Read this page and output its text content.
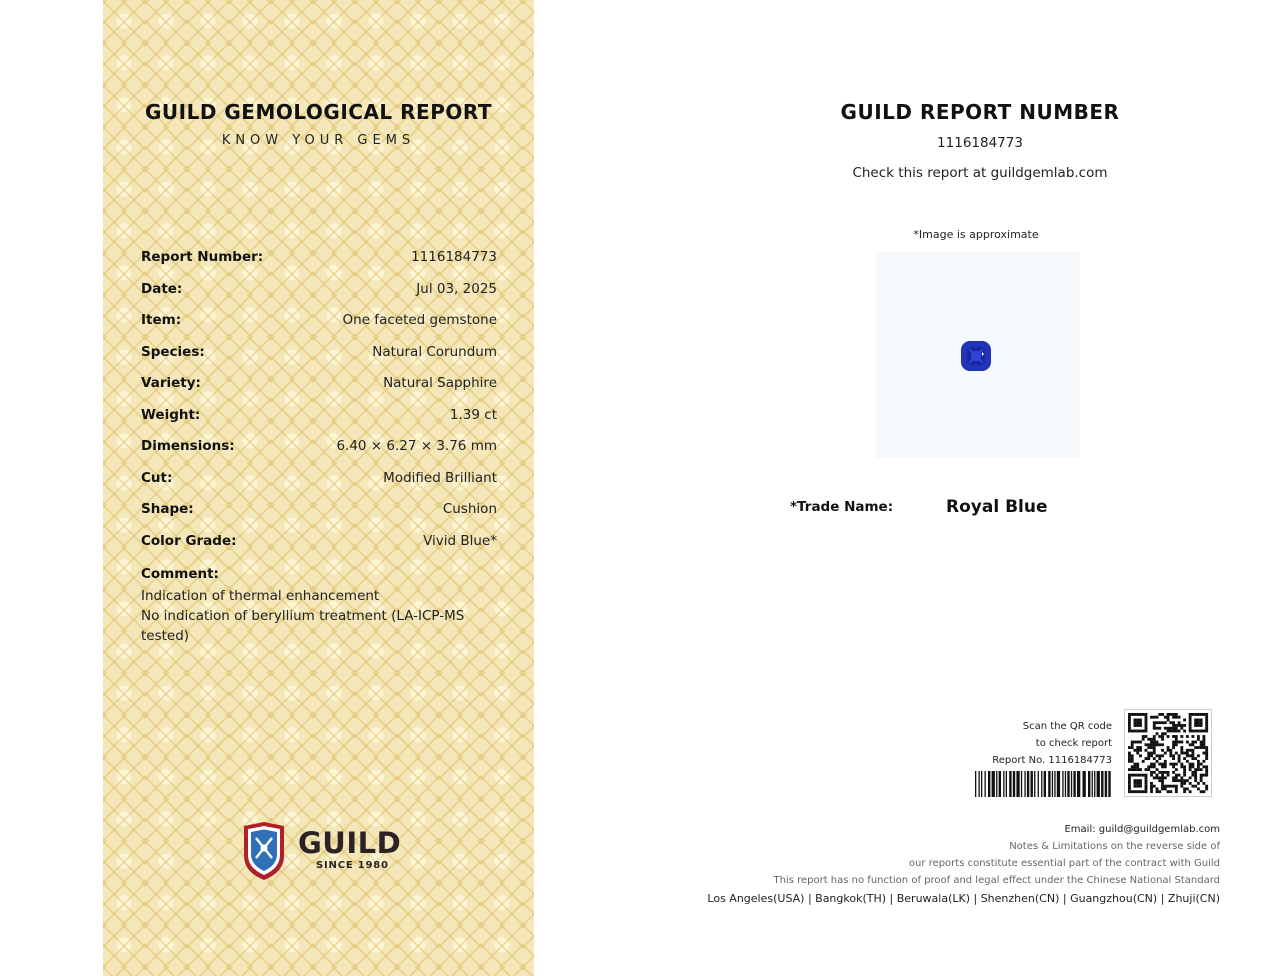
GUILD GEMOLOGICAL REPORT
KNOW YOUR GEMS
Report Number:	1116184773
Date:	Jul 03, 2025
Item:	One faceted gemstone
Species:	Natural Corundum
Variety:	Natural Sapphire
Weight:	1.39 ct
Dimensions:	6.40 × 6.27 × 3.76 mm
Cut:	Modified Brilliant
Shape:	Cushion
Color Grade:	Vivid Blue*
Comment:
Indication of thermal enhancement
No indication of beryllium treatment (LA-ICP-MS
tested)
GUILD
SINCE 1980
GUILD REPORT NUMBER
1116184773
Check this report at guildgemlab.com
*Image is approximate
*Trade Name:	Royal Blue
Scan the QR code
to check report
Report No. 1116184773
Email: guild@guildgemlab.com
Notes & Limitations on the reverse side of
our reports constitute essential part of the contract with Guild
This report has no function of proof and legal effect under the Chinese National Standard
Los Angeles(USA) | Bangkok(TH) | Beruwala(LK) | Shenzhen(CN) | Guangzhou(CN) | Zhuji(CN)
